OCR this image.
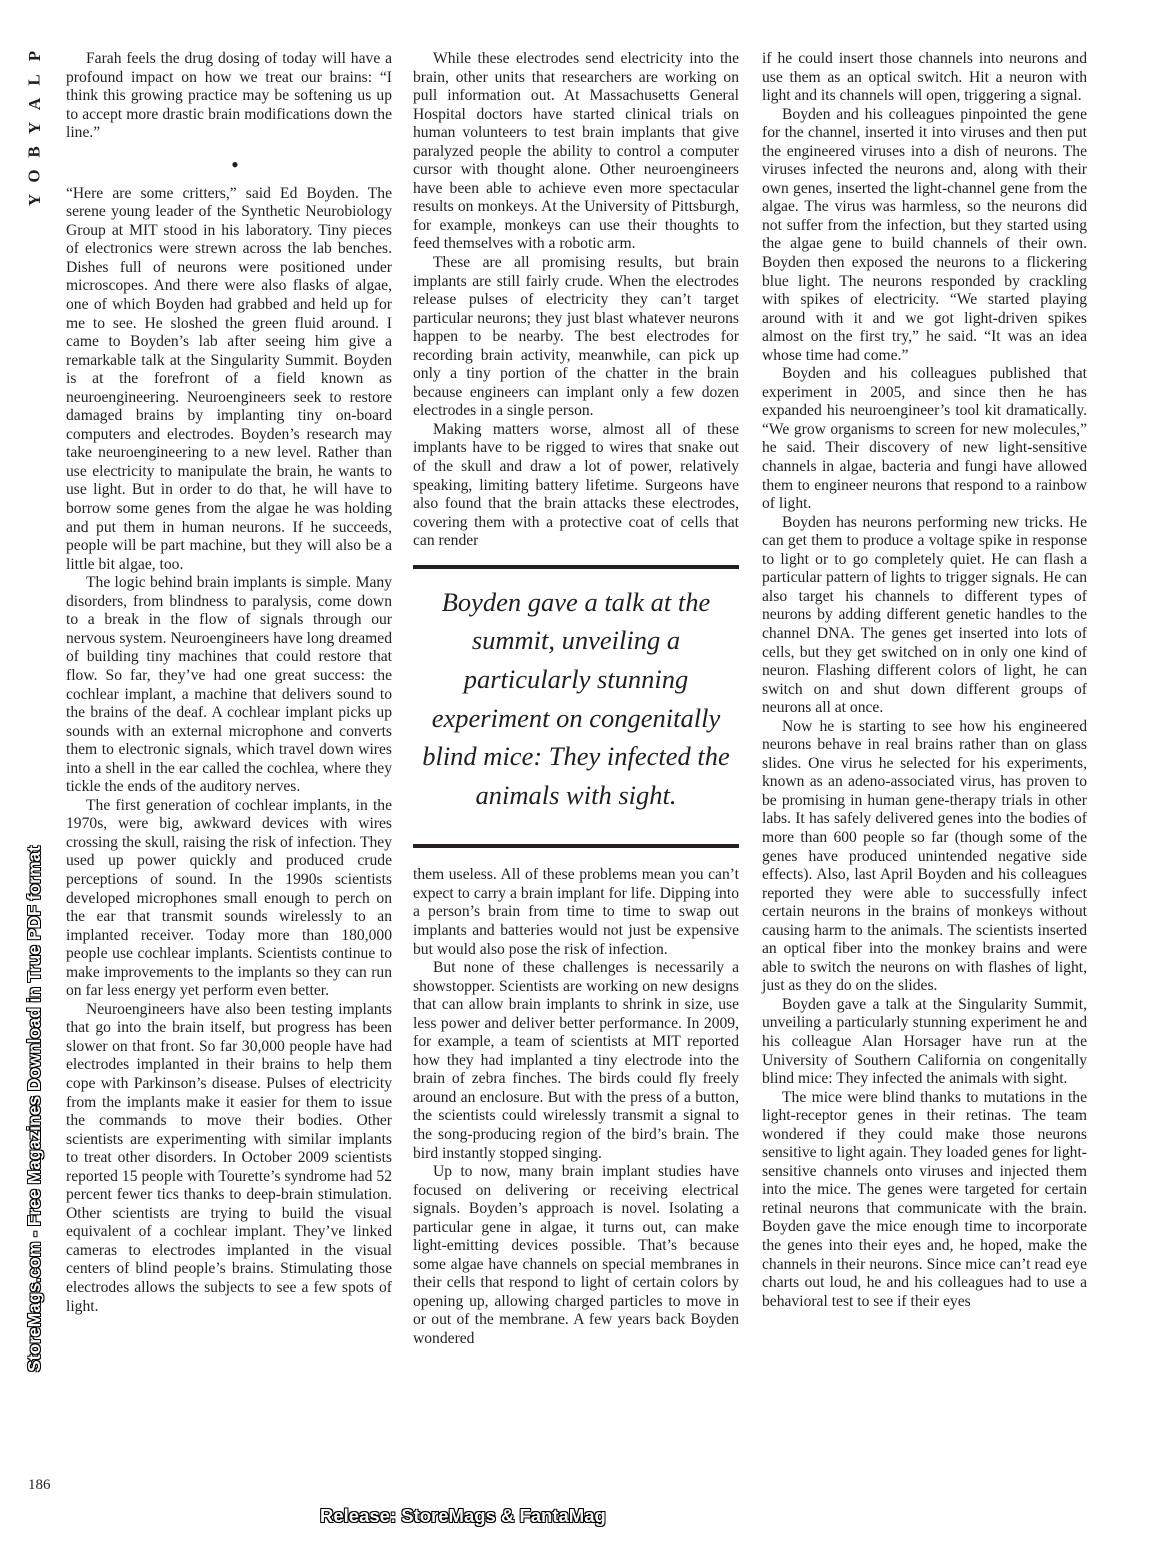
P
L
A
Y
B
O
Y
StoreMags.com - Free Magazines Download in True PDF format

Farah feels the drug dosing of today will have a profound impact on how we treat our brains: “I think this growing practice may be softening us up to accept more drastic brain modifications down the line.”

•

“Here are some critters,” said Ed Boyden. The serene young leader of the Synthetic Neurobiology Group at MIT stood in his laboratory. Tiny pieces of electronics were strewn across the lab benches. Dishes full of neurons were positioned under microscopes. And there were also flasks of algae, one of which Boyden had grabbed and held up for me to see. He sloshed the green fluid around. I came to Boyden’s lab after seeing him give a remarkable talk at the Singularity Summit. Boyden is at the forefront of a field known as neuroengineering. Neuroengineers seek to restore damaged brains by implanting tiny on-board computers and electrodes. Boyden’s research may take neuroengineering to a new level. Rather than use electricity to manipulate the brain, he wants to use light. But in order to do that, he will have to borrow some genes from the algae he was holding and put them in human neurons. If he succeeds, people will be part machine, but they will also be a little bit algae, too.

The logic behind brain implants is simple. Many disorders, from blindness to paralysis, come down to a break in the flow of signals through our nervous system. Neuroengineers have long dreamed of building tiny machines that could restore that flow. So far, they’ve had one great success: the cochlear implant, a machine that delivers sound to the brains of the deaf. A cochlear implant picks up sounds with an external microphone and converts them to electronic signals, which travel down wires into a shell in the ear called the cochlea, where they tickle the ends of the auditory nerves.

The first generation of cochlear implants, in the 1970s, were big, awkward devices with wires crossing the skull, raising the risk of infection. They used up power quickly and produced crude perceptions of sound. In the 1990s scientists developed microphones small enough to perch on the ear that transmit sounds wirelessly to an implanted receiver. Today more than 180,000 people use cochlear implants. Scientists continue to make improvements to the implants so they can run on far less energy yet perform even better.

Neuroengineers have also been testing implants that go into the brain itself, but progress has been slower on that front. So far 30,000 people have had electrodes implanted in their brains to help them cope with Parkinson’s disease. Pulses of electricity from the implants make it easier for them to issue the commands to move their bodies. Other scientists are experimenting with similar implants to treat other disorders. In October 2009 scientists reported 15 people with Tourette’s syndrome had 52 percent fewer tics thanks to deep-brain stimulation. Other scientists are trying to build the visual equivalent of a cochlear implant. They’ve linked cameras to electrodes implanted in the visual centers of blind people’s brains. Stimulating those electrodes allows the subjects to see a few spots of light.

While these electrodes send electricity into the brain, other units that researchers are working on pull information out. At Massachusetts General Hospital doctors have started clinical trials on human volunteers to test brain implants that give paralyzed people the ability to control a computer cursor with thought alone. Other neuroengineers have been able to achieve even more spectacular results on monkeys. At the University of Pittsburgh, for example, monkeys can use their thoughts to feed themselves with a robotic arm.

These are all promising results, but brain implants are still fairly crude. When the electrodes release pulses of electricity they can’t target particular neurons; they just blast whatever neurons happen to be nearby. The best electrodes for recording brain activity, meanwhile, can pick up only a tiny portion of the chatter in the brain because engineers can implant only a few dozen electrodes in a single person.

Making matters worse, almost all of these implants have to be rigged to wires that snake out of the skull and draw a lot of power, relatively speaking, limiting battery lifetime. Surgeons have also found that the brain attacks these electrodes, covering them with a protective coat of cells that can render

Boyden gave a talk at the summit, unveiling a particularly stunning experiment on congenitally blind mice: They infected the animals with sight.

them useless. All of these problems mean you can’t expect to carry a brain implant for life. Dipping into a person’s brain from time to time to swap out implants and batteries would not just be expensive but would also pose the risk of infection.

But none of these challenges is necessarily a showstopper. Scientists are working on new designs that can allow brain implants to shrink in size, use less power and deliver better performance. In 2009, for example, a team of scientists at MIT reported how they had implanted a tiny electrode into the brain of zebra finches. The birds could fly freely around an enclosure. But with the press of a button, the scientists could wirelessly transmit a signal to the song-producing region of the bird’s brain. The bird instantly stopped singing.

Up to now, many brain implant studies have focused on delivering or receiving electrical signals. Boyden’s approach is novel. Isolating a particular gene in algae, it turns out, can make light-emitting devices possible. That’s because some algae have channels on special membranes in their cells that respond to light of certain colors by opening up, allowing charged particles to move in or out of the membrane. A few years back Boyden wondered

if he could insert those channels into neurons and use them as an optical switch. Hit a neuron with light and its channels will open, triggering a signal.

Boyden and his colleagues pinpointed the gene for the channel, inserted it into viruses and then put the engineered viruses into a dish of neurons. The viruses infected the neurons and, along with their own genes, inserted the light-channel gene from the algae. The virus was harmless, so the neurons did not suffer from the infection, but they started using the algae gene to build channels of their own. Boyden then exposed the neurons to a flickering blue light. The neurons responded by crackling with spikes of electricity. “We started playing around with it and we got light-driven spikes almost on the first try,” he said. “It was an idea whose time had come.”

Boyden and his colleagues published that experiment in 2005, and since then he has expanded his neuroengineer’s tool kit dramatically. “We grow organisms to screen for new molecules,” he said. Their discovery of new light-sensitive channels in algae, bacteria and fungi have allowed them to engineer neurons that respond to a rainbow of light.

Boyden has neurons performing new tricks. He can get them to produce a voltage spike in response to light or to go completely quiet. He can flash a particular pattern of lights to trigger signals. He can also target his channels to different types of neurons by adding different genetic handles to the channel DNA. The genes get inserted into lots of cells, but they get switched on in only one kind of neuron. Flashing different colors of light, he can switch on and shut down different groups of neurons all at once.

Now he is starting to see how his engineered neurons behave in real brains rather than on glass slides. One virus he selected for his experiments, known as an adeno-associated virus, has proven to be promising in human gene-therapy trials in other labs. It has safely delivered genes into the bodies of more than 600 people so far (though some of the genes have produced unintended negative side effects). Also, last April Boyden and his colleagues reported they were able to successfully infect certain neurons in the brains of monkeys without causing harm to the animals. The scientists inserted an optical fiber into the monkey brains and were able to switch the neurons on with flashes of light, just as they do on the slides.

Boyden gave a talk at the Singularity Summit, unveiling a particularly stunning experiment he and his colleague Alan Horsager have run at the University of Southern California on congenitally blind mice: They infected the animals with sight.

The mice were blind thanks to mutations in the light-receptor genes in their retinas. The team wondered if they could make those neurons sensitive to light again. They loaded genes for light-sensitive channels onto viruses and injected them into the mice. The genes were targeted for certain retinal neurons that communicate with the brain. Boyden gave the mice enough time to incorporate the genes into their eyes and, he hoped, make the channels in their neurons. Since mice can’t read eye charts out loud, he and his colleagues had to use a behavioral test to see if their eyes

186
Release: StoreMags & FantaMag
